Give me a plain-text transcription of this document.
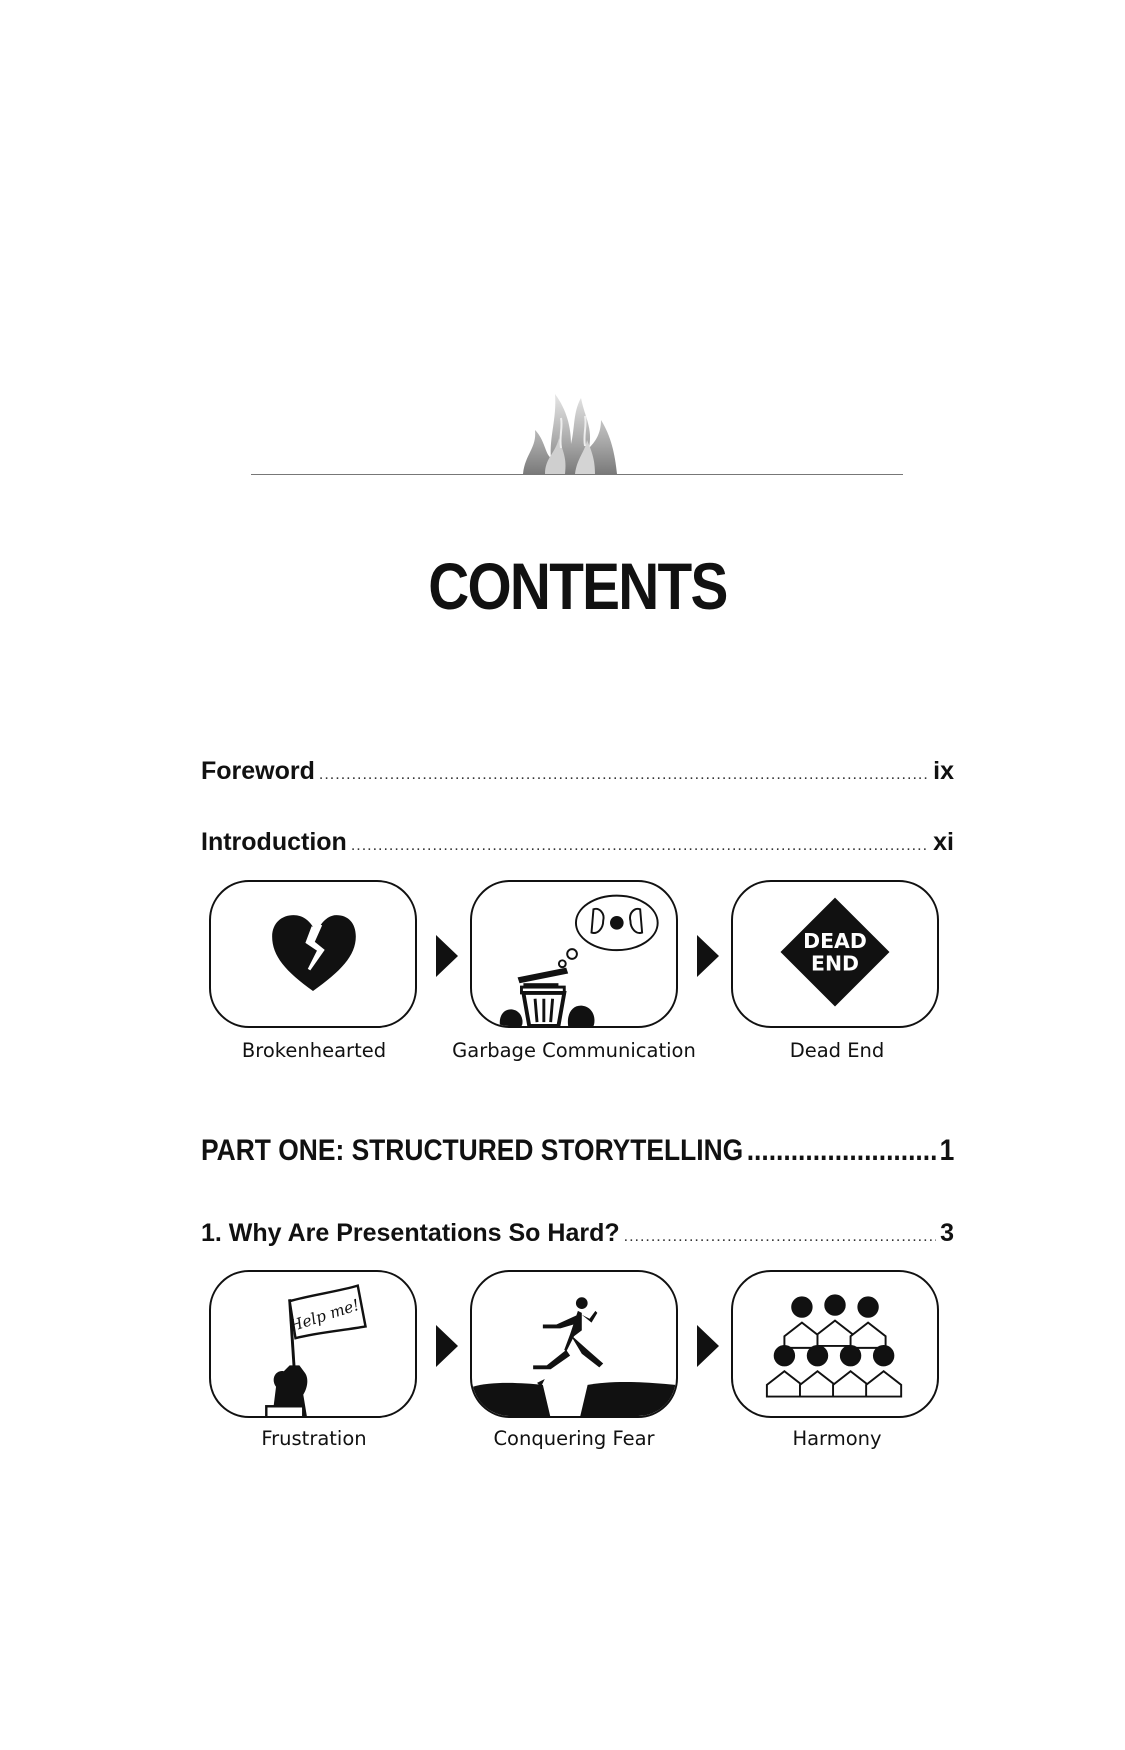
CONTENTS
Foreword .....	ix
Introduction .....	xi
DEAD
END
Brokenhearted	Garbage Communication	Dead End
PART ONE: STRUCTURED STORYTELLING .....	1
1. Why Are Presentations So Hard? .....	3
Help me!
Frustration	Conquering Fear	Harmony
